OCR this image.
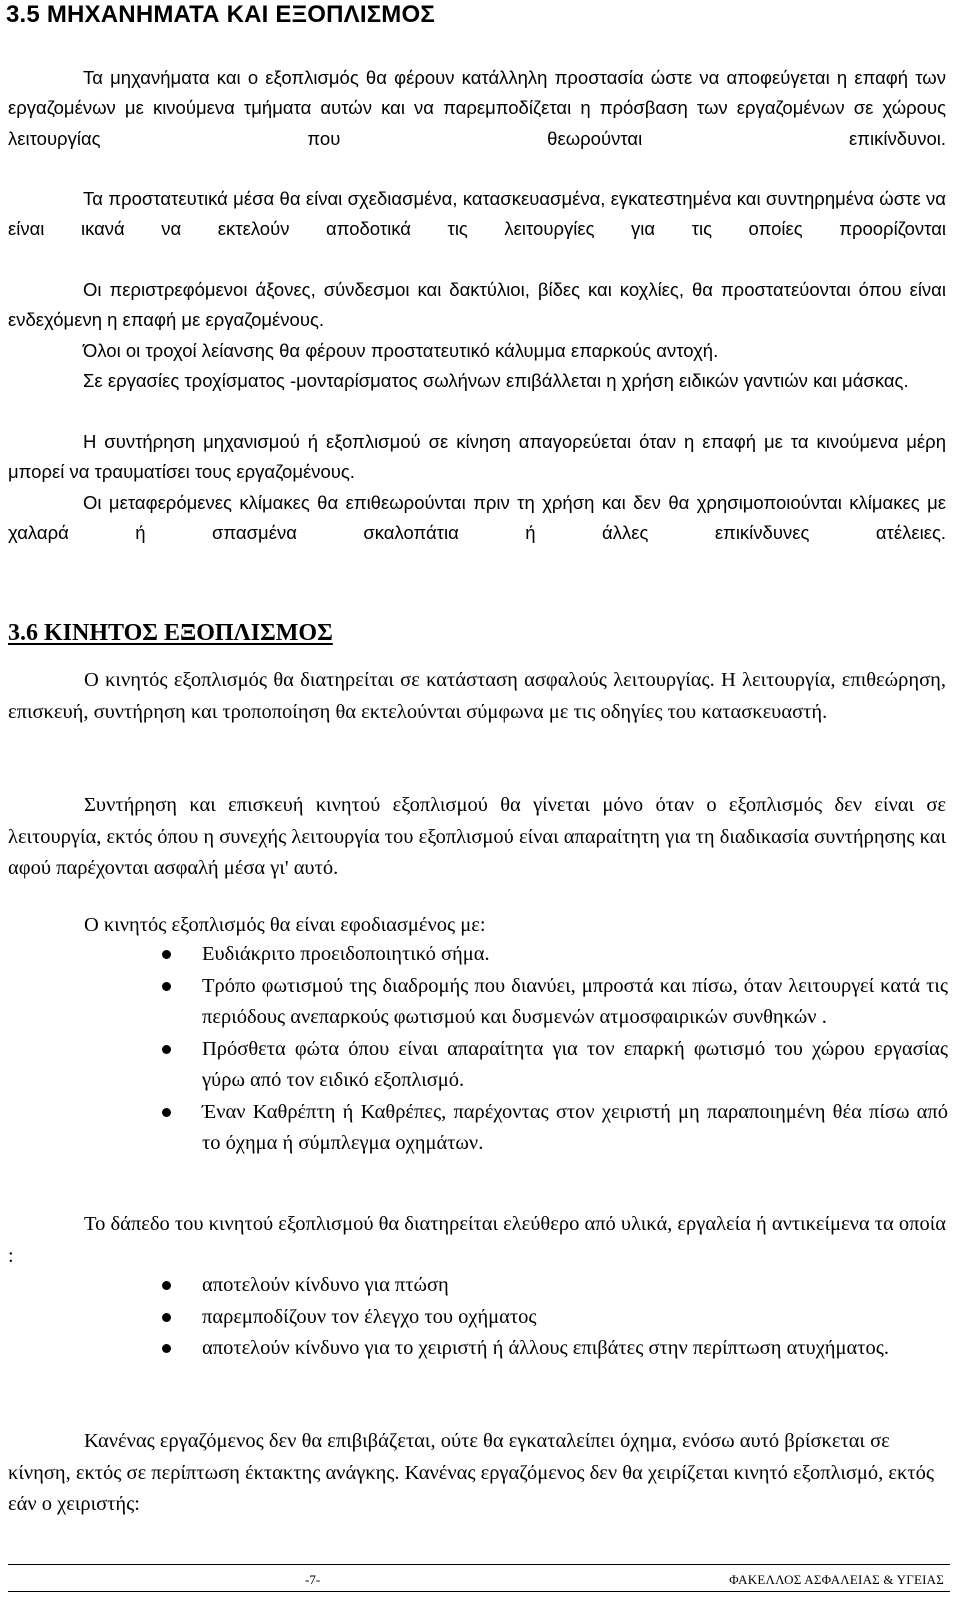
3.5 ΜΗΧΑΝΗΜΑΤΑ ΚΑΙ ΕΞΟΠΛΙΣΜΟΣ

Τα μηχανήματα και ο εξοπλισμός θα φέρουν κατάλληλη προστασία ώστε να αποφεύγεται η επαφή των εργαζομένων με κινούμενα τμήματα αυτών και να παρεμποδίζεται η πρόσβαση των εργαζομένων σε χώρους λειτουργίας που θεωρούνται επικίνδυνοι.

Τα προστατευτικά μέσα θα είναι σχεδιασμένα, κατασκευασμένα, εγκατεστημένα και συντηρημένα ώστε να είναι ικανά να εκτελούν αποδοτικά τις λειτουργίες για τις οποίες προορίζονται

Οι περιστρεφόμενοι άξονες, σύνδεσμοι και δακτύλιοι, βίδες και κοχλίες, θα προστατεύονται όπου είναι ενδεχόμενη η επαφή με εργαζομένους.

Όλοι οι τροχοί λείανσης θα φέρουν προστατευτικό κάλυμμα επαρκούς αντοχή.

Σε εργασίες τροχίσματος -μονταρίσματος σωλήνων επιβάλλεται η χρήση ειδικών γαντιών και μάσκας.

Η συντήρηση μηχανισμού ή εξοπλισμού σε κίνηση απαγορεύεται όταν η επαφή με τα κινούμενα μέρη μπορεί να τραυματίσει τους εργαζομένους.

Οι μεταφερόμενες κλίμακες θα επιθεωρούνται πριν τη χρήση και δεν θα χρησιμοποιούνται κλίμακες με χαλαρά ή σπασμένα σκαλοπάτια ή άλλες επικίνδυνες ατέλειες.

3.6 ΚΙΝΗΤΟΣ ΕΞΟΠΛΙΣΜΟΣ

Ο κινητός εξοπλισμός θα διατηρείται σε κατάσταση ασφαλούς λειτουργίας. Η λειτουργία, επιθεώρηση, επισκευή, συντήρηση και τροποποίηση θα εκτελούνται σύμφωνα με τις οδηγίες του κατασκευαστή.

Συντήρηση και επισκευή κινητού εξοπλισμού θα γίνεται μόνο όταν ο εξοπλισμός δεν είναι σε λειτουργία, εκτός όπου η συνεχής λειτουργία του εξοπλισμού είναι απαραίτητη για τη διαδικασία συντήρησης και αφού παρέχονται ασφαλή μέσα γι' αυτό.

Ο κινητός εξοπλισμός θα είναι εφοδιασμένος με:

Ευδιάκριτο προειδοποιητικό σήμα.
Τρόπο φωτισμού της διαδρομής που διανύει, μπροστά και πίσω, όταν λειτουργεί κατά τις περιόδους ανεπαρκούς φωτισμού και δυσμενών ατμοσφαιρικών συνθηκών .
Πρόσθετα φώτα όπου είναι απαραίτητα για τον επαρκή φωτισμό του χώρου εργασίας γύρω από τον ειδικό εξοπλισμό.
Έναν Καθρέπτη ή Καθρέπες, παρέχοντας στον χειριστή μη παραποιημένη θέα πίσω από το όχημα ή σύμπλεγμα οχημάτων.

Το δάπεδο του κινητού εξοπλισμού θα διατηρείται ελεύθερο από υλικά, εργαλεία ή αντικείμενα τα οποία :

αποτελούν κίνδυνο για πτώση
παρεμποδίζουν τον έλεγχο του οχήματος
αποτελούν κίνδυνο για το χειριστή ή άλλους επιβάτες στην περίπτωση ατυχήματος.

Κανένας εργαζόμενος δεν θα επιβιβάζεται, ούτε θα εγκαταλείπει όχημα, ενόσω αυτό βρίσκεται σε κίνηση, εκτός σε περίπτωση έκτακτης ανάγκης. Κανένας εργαζόμενος δεν θα χειρίζεται κινητό εξοπλισμό, εκτός εάν ο χειριστής:

-7-	ΦΑΚΕΛΛΟΣ ΑΣΦΑΛΕΙΑΣ & ΥΓΕΙΑΣ
